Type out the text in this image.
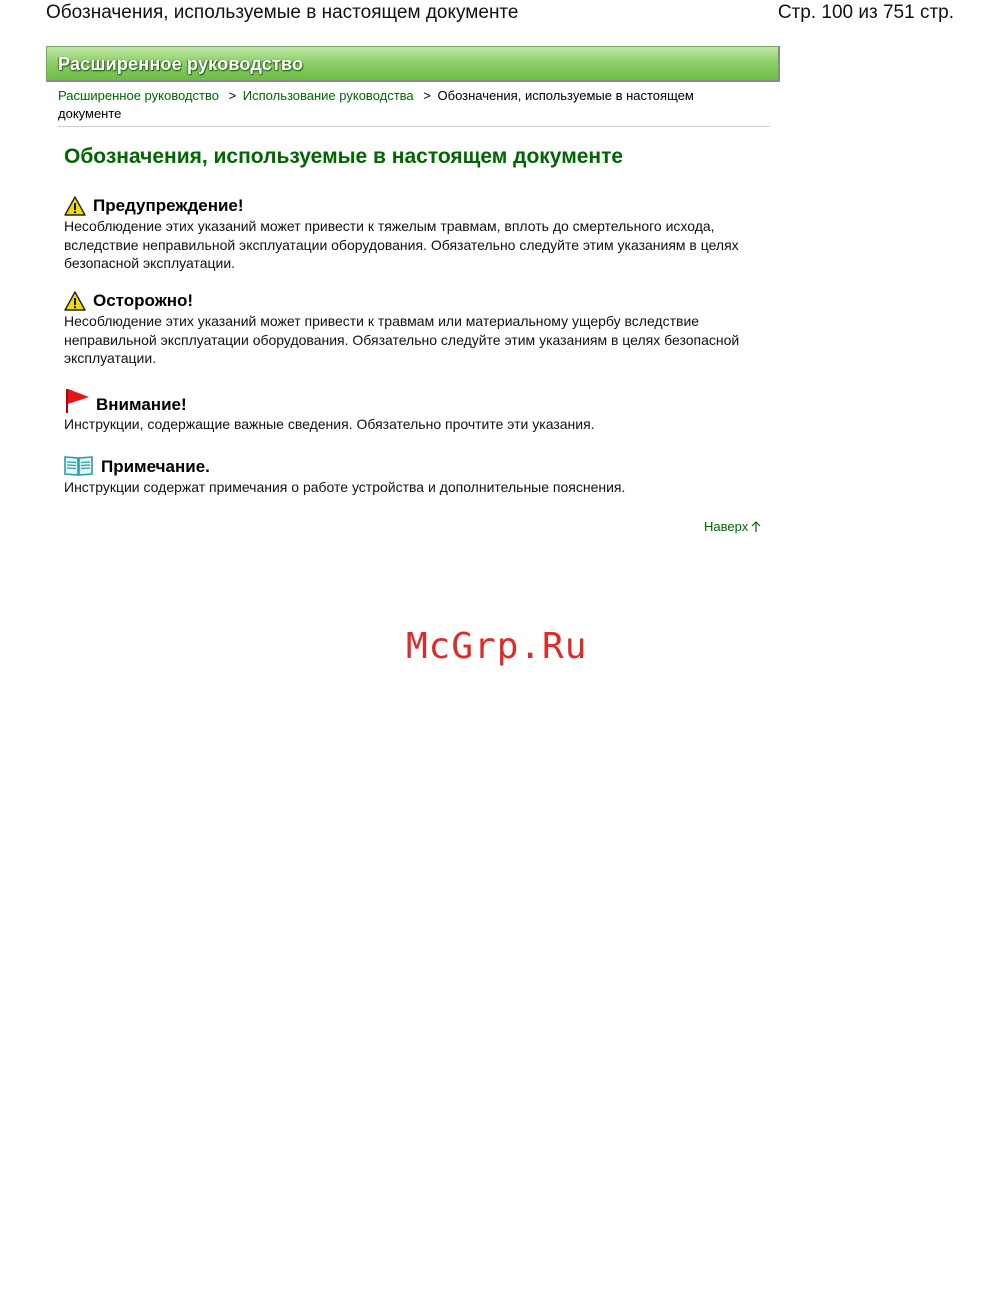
Обозначения, используемые в настоящем документе	Стр. 100 из 751 стр.
Расширенное руководство
Расширенное руководство > Использование руководства > Обозначения, используемые в настоящем документе
Обозначения, используемые в настоящем документе
Предупреждение!
Несоблюдение этих указаний может привести к тяжелым травмам, вплоть до смертельного исхода, вследствие неправильной эксплуатации оборудования. Обязательно следуйте этим указаниям в целях безопасной эксплуатации.
Осторожно!
Несоблюдение этих указаний может привести к травмам или материальному ущербу вследствие неправильной эксплуатации оборудования. Обязательно следуйте этим указаниям в целях безопасной эксплуатации.
Внимание!
Инструкции, содержащие важные сведения. Обязательно прочтите эти указания.
Примечание.
Инструкции содержат примечания о работе устройства и дополнительные пояснения.
Наверх
McGrp.Ru
